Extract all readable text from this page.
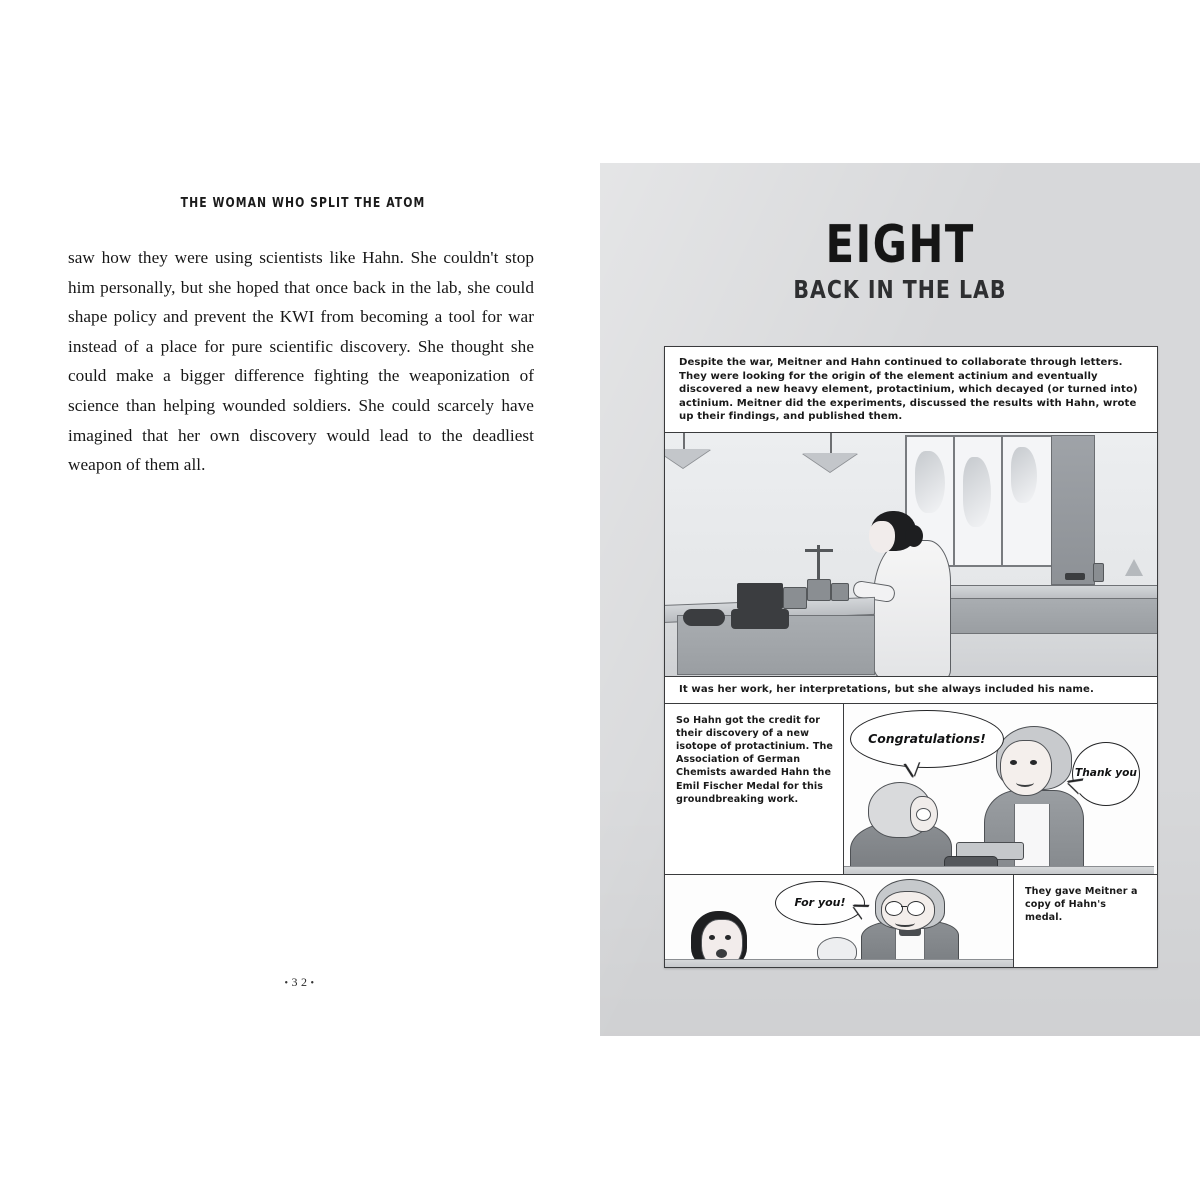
THE WOMAN WHO SPLIT THE ATOM

saw how they were using scientists like Hahn. She couldn't stop him personally, but she hoped that once back in the lab, she could shape policy and prevent the KWI from becoming a tool for war instead of a place for pure scientific discovery. She thought she could make a bigger difference fighting the weaponization of science than helping wounded soldiers. She could scarcely have imagined that her own discovery would lead to the deadliest weapon of them all.

•32•
EIGHT
BACK IN THE LAB
Despite the war, Meitner and Hahn continued to collaborate through letters. They were looking for the origin of the element actinium and eventually discovered a new heavy element, protactinium, which decayed (or turned into) actinium. Meitner did the experiments, discussed the results with Hahn, wrote up their findings, and published them.
It was her work, her interpretations, but she always included his name.
So Hahn got the credit for their discovery of a new isotope of protactinium. The Association of German Chemists awarded Hahn the Emil Fischer Medal for this groundbreaking work.
Congratulations!
Thank you
For you!
They gave Meitner a copy of Hahn's medal.
